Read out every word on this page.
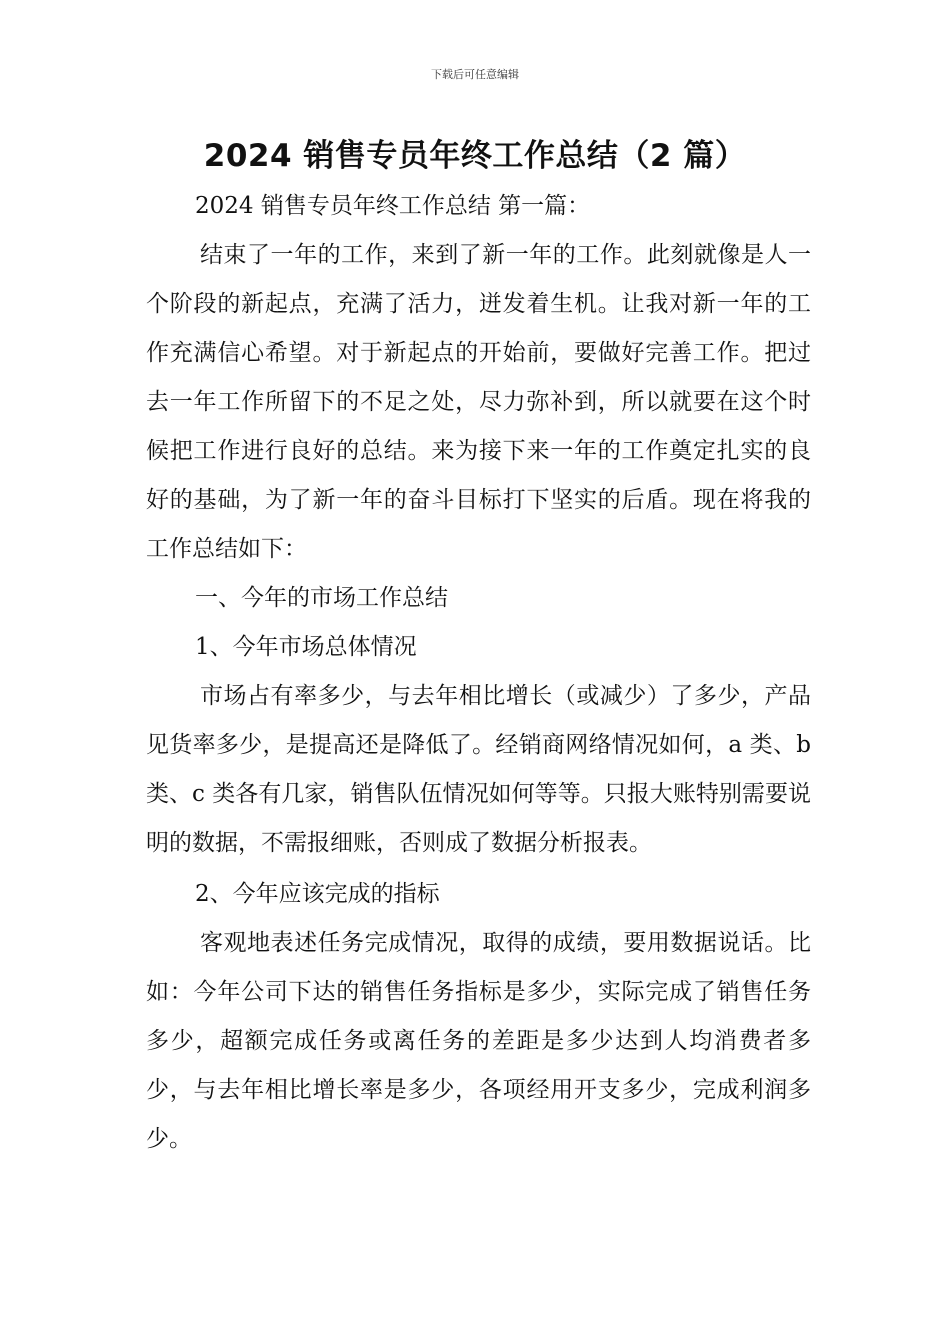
下载后可任意编辑
2024 销售专员年终工作总结（2 篇）

2024 销售专员年终工作总结 第一篇：

结束了一年的工作，来到了新一年的工作。此刻就像是人一个阶段的新起点，充满了活力，迸发着生机。让我对新一年的工作充满信心希望。对于新起点的开始前，要做好完善工作。把过去一年工作所留下的不足之处，尽力弥补到，所以就要在这个时候把工作进行良好的总结。来为接下来一年的工作奠定扎实的良好的基础，为了新一年的奋斗目标打下坚实的后盾。现在将我的工作总结如下：

一、今年的市场工作总结

1、今年市场总体情况

市场占有率多少，与去年相比增长（或减少）了多少，产品见货率多少，是提高还是降低了。经销商网络情况如何，a 类、b 类、c 类各有几家，销售队伍情况如何等等。只报大账特别需要说明的数据，不需报细账，否则成了数据分析报表。

2、今年应该完成的指标

客观地表述任务完成情况，取得的成绩，要用数据说话。比如：今年公司下达的销售任务指标是多少，实际完成了销售任务多少，超额完成任务或离任务的差距是多少达到人均消费者多少，与去年相比增长率是多少，各项经用开支多少，完成利润多少。
